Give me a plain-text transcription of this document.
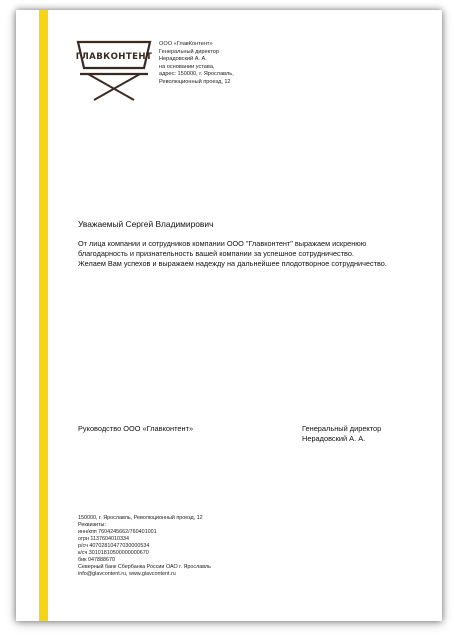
ГЛАВКОНТЕНТ
ООО «ГлавКонтент»
Генеральный директор
Нерадовский А. А.
на основании устава,
адрес: 150000, г. Ярославль,
Революционный проезд, 12
Уважаемый Сергей Владимирович
От лица компании и сотрудников компании ООО "Главконтент" выражаем искренюю
благодарность и признательность вашей компании за успешное сотрудничество.
Желаем Вам успехов и выражаем надежду на дальнейшее плодотворное сотрудничество.
Руководство ООО «Главконтент»	Генеральный директор
Нерадовский А. А.
150000, г. Ярославль, Революционный проезд, 12
Реквизиты:
инн/кпп 7604245662/760401001
огрн 1137604010334
р/сч 40702810477030000534
к/сч 30101810500000000670
бик 047888670
Северный банк Сбербанка России ОАО г. Ярославль
info@glavcontent.ru, www.glavcontent.ru
